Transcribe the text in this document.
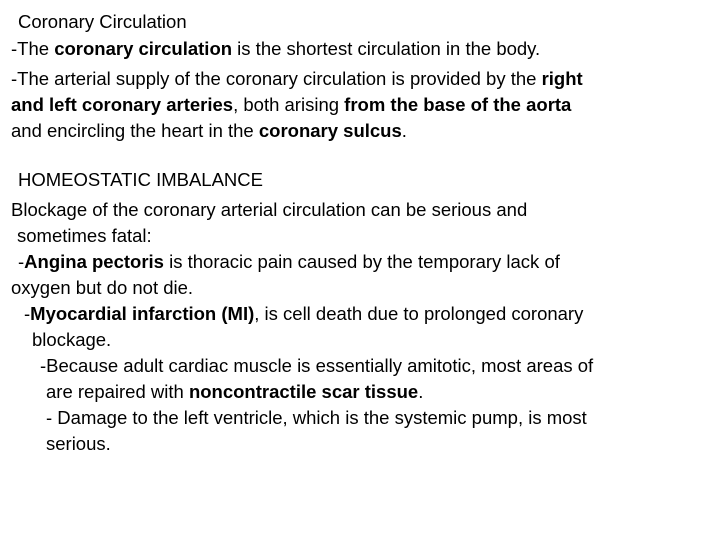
Coronary Circulation
-The coronary circulation is the shortest circulation in the body.
-The arterial supply of the coronary circulation is provided by the right
and left coronary arteries, both arising from the base of the aorta
and encircling the heart in the coronary sulcus.
HOMEOSTATIC IMBALANCE
Blockage of the coronary arterial circulation can be serious and
sometimes fatal:
-Angina pectoris is thoracic pain caused by the temporary lack of
oxygen but do not die.
-Myocardial infarction (MI), is cell death due to prolonged coronary
blockage.
-Because adult cardiac muscle is essentially amitotic, most areas of
are repaired with noncontractile scar tissue.
- Damage to the left ventricle, which is the systemic pump, is most
serious.
